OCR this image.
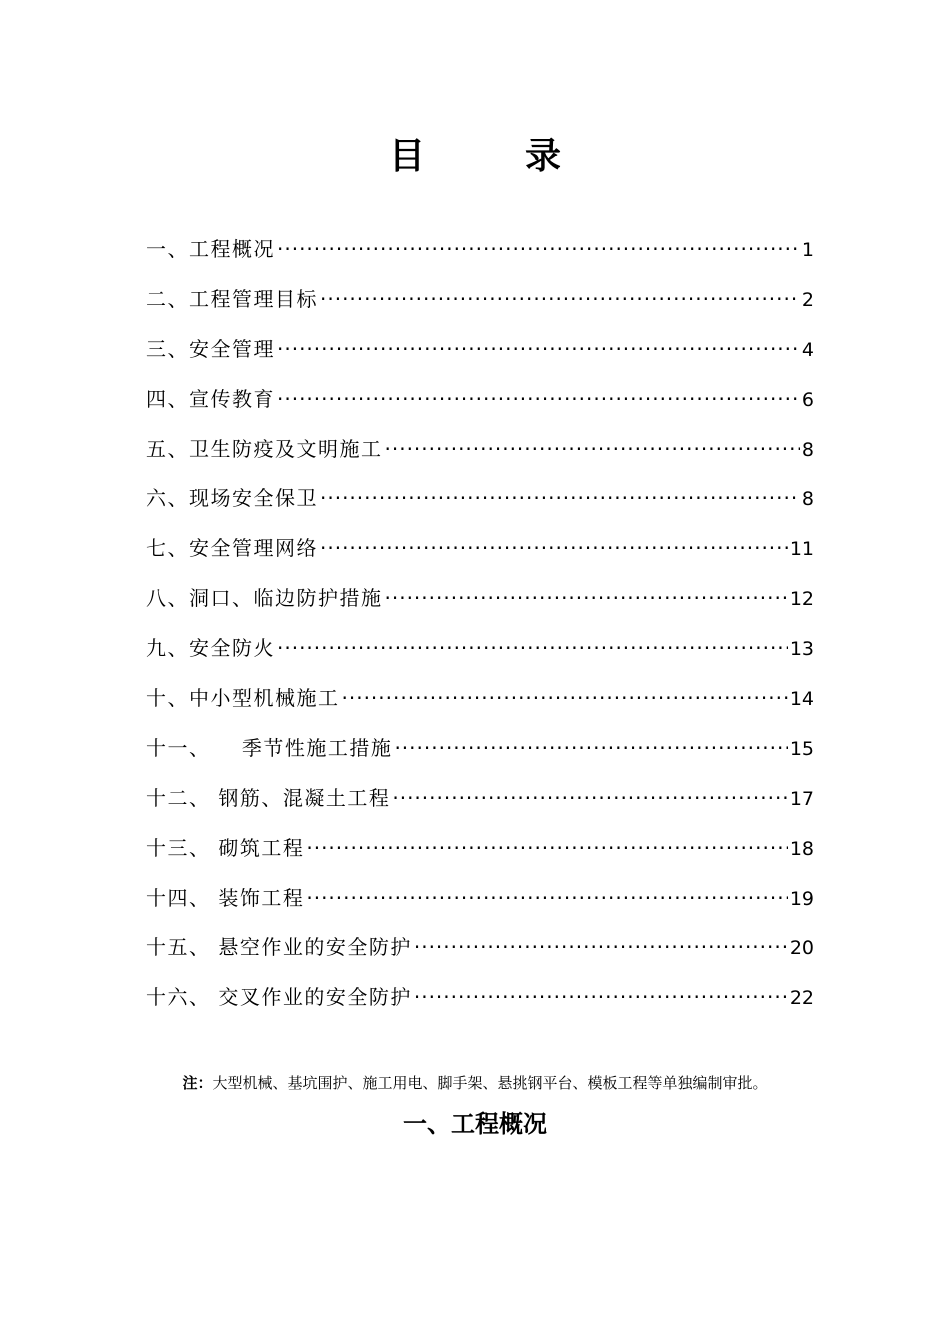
目	录
一、工程概况 ·····	1
二、工程管理目标 ·····	2
三、安全管理 ·····	4
四、宣传教育 ·····	6
五、卫生防疫及文明施工 ·····	8
六、现场安全保卫 ·····	8
七、安全管理网络 ·····	11
八、洞口、临边防护措施 ·····	12
九、安全防火 ·····	13
十、中小型机械施工 ·····	14
十一、    季节性施工措施 ·····	15
十二、 钢筋、混凝土工程 ·····	17
十三、 砌筑工程 ·····	18
十四、 装饰工程 ·····	19
十五、 悬空作业的安全防护 ·····	20
十六、 交叉作业的安全防护 ·····	22
注：大型机械、基坑围护、施工用电、脚手架、悬挑钢平台、模板工程等单独编制审批。
一、工程概况
